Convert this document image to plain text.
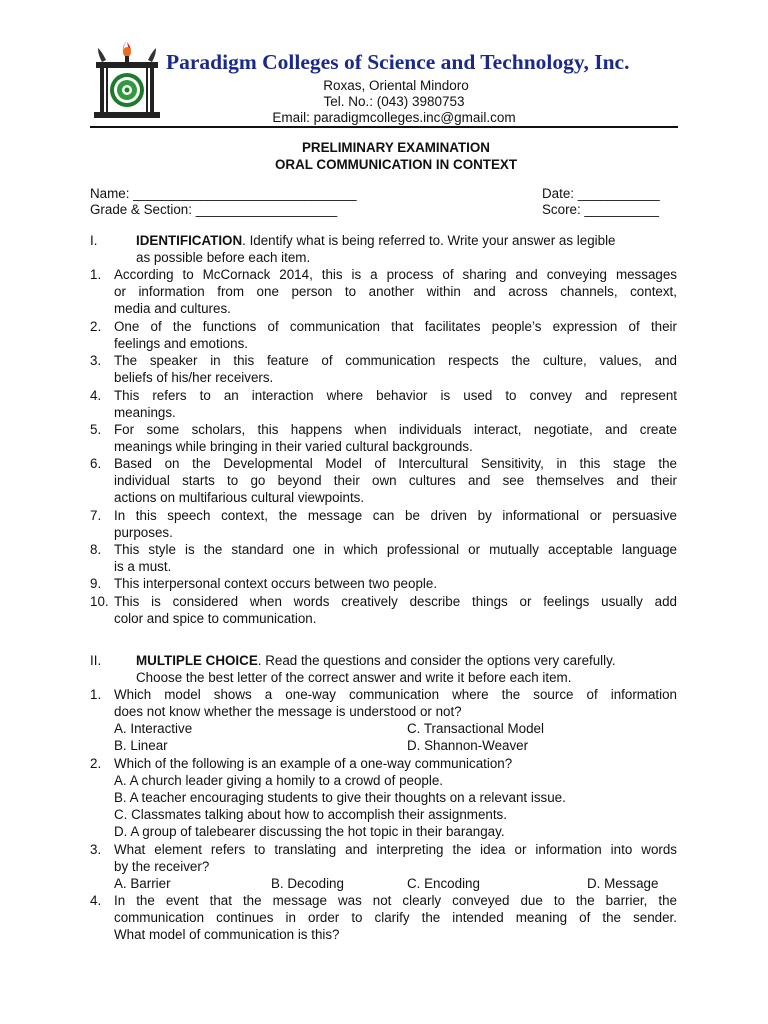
Paradigm Colleges of Science and Technology, Inc.
Roxas, Oriental Mindoro
Tel. No.: (043) 3980753
Email: paradigmcolleges.inc@gmail.com
PRELIMINARY EXAMINATION
ORAL COMMUNICATION IN CONTEXT
Name: ______________________________	Date: ___________
Grade & Section: ___________________	Score: __________
I.	IDENTIFICATION. Identify what is being referred to. Write your answer as legible
as possible before each item.
1. According to McCornack 2014, this is a process of sharing and conveying messages
or information from one person to another within and across channels, context,
media and cultures.
2. One of the functions of communication that facilitates people’s expression of their
feelings and emotions.
3. The speaker in this feature of communication respects the culture, values, and
beliefs of his/her receivers.
4. This refers to an interaction where behavior is used to convey and represent
meanings.
5. For some scholars, this happens when individuals interact, negotiate, and create
meanings while bringing in their varied cultural backgrounds.
6. Based on the Developmental Model of Intercultural Sensitivity, in this stage the
individual starts to go beyond their own cultures and see themselves and their
actions on multifarious cultural viewpoints.
7. In this speech context, the message can be driven by informational or persuasive
purposes.
8. This style is the standard one in which professional or mutually acceptable language
is a must.
9. This interpersonal context occurs between two people.
10. This is considered when words creatively describe things or feelings usually add
color and spice to communication.
II.	MULTIPLE CHOICE. Read the questions and consider the options very carefully.
Choose the best letter of the correct answer and write it before each item.
1. Which model shows a one-way communication where the source of information
does not know whether the message is understood or not?
A. Interactive	C. Transactional Model
B. Linear	D. Shannon-Weaver
2. Which of the following is an example of a one-way communication?
A. A church leader giving a homily to a crowd of people.
B. A teacher encouraging students to give their thoughts on a relevant issue.
C. Classmates talking about how to accomplish their assignments.
D. A group of talebearer discussing the hot topic in their barangay.
3. What element refers to translating and interpreting the idea or information into words
by the receiver?
A. Barrier	B. Decoding	C. Encoding	D. Message
4. In the event that the message was not clearly conveyed due to the barrier, the
communication continues in order to clarify the intended meaning of the sender.
What model of communication is this?
